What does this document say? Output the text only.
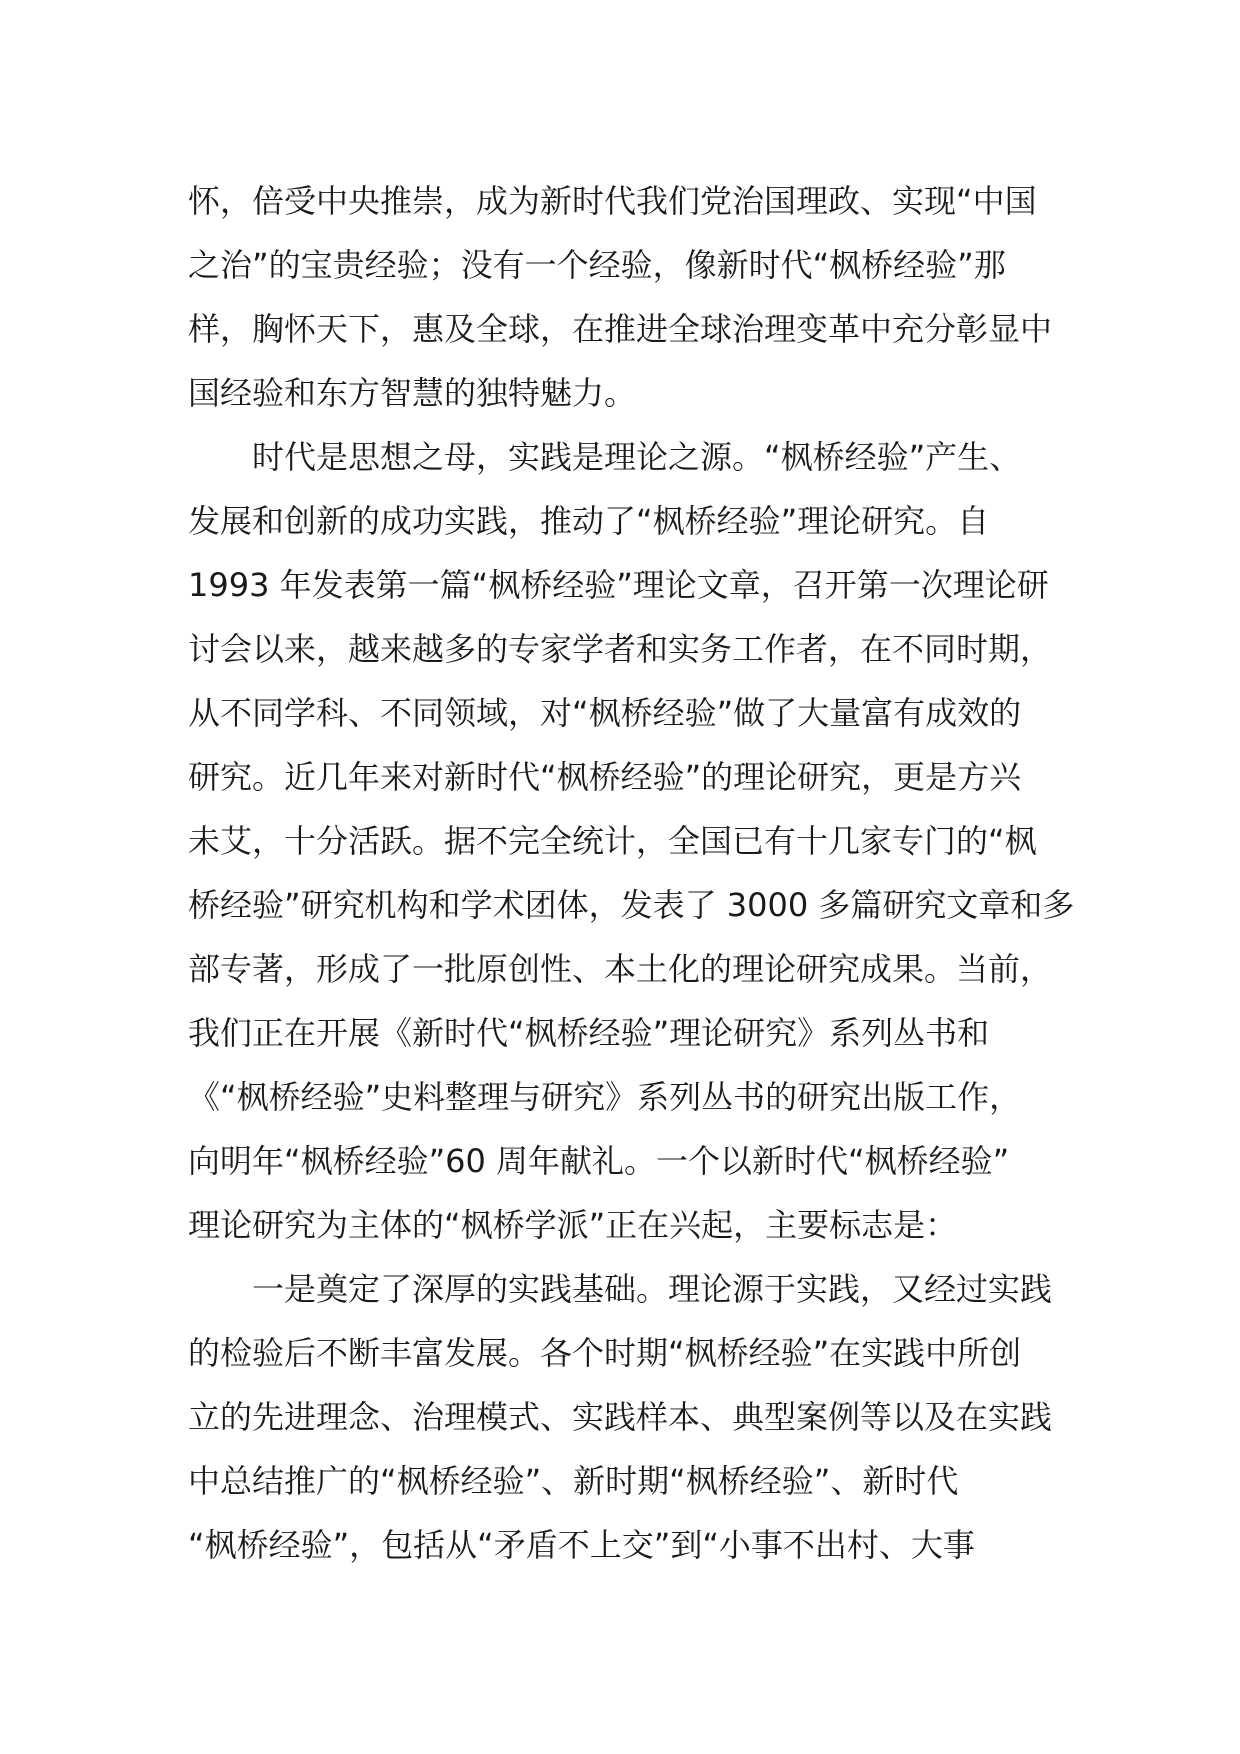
怀，倍受中央推崇，成为新时代我们党治国理政、实现“中国
之治”的宝贵经验；没有一个经验，像新时代“枫桥经验”那
样，胸怀天下，惠及全球，在推进全球治理变革中充分彰显中
国经验和东方智慧的独特魅力。
　　时代是思想之母，实践是理论之源。“枫桥经验”产生、
发展和创新的成功实践，推动了“枫桥经验”理论研究。自
1993 年发表第一篇“枫桥经验”理论文章，召开第一次理论研
讨会以来，越来越多的专家学者和实务工作者，在不同时期，
从不同学科、不同领域，对“枫桥经验”做了大量富有成效的
研究。近几年来对新时代“枫桥经验”的理论研究，更是方兴
未艾，十分活跃。据不完全统计，全国已有十几家专门的“枫
桥经验”研究机构和学术团体，发表了 3000 多篇研究文章和多
部专著，形成了一批原创性、本土化的理论研究成果。当前，
我们正在开展《新时代“枫桥经验”理论研究》系列丛书和
《“枫桥经验”史料整理与研究》系列丛书的研究出版工作，
向明年“枫桥经验”60 周年献礼。一个以新时代“枫桥经验”
理论研究为主体的“枫桥学派”正在兴起，主要标志是：
　　一是奠定了深厚的实践基础。理论源于实践，又经过实践
的检验后不断丰富发展。各个时期“枫桥经验”在实践中所创
立的先进理念、治理模式、实践样本、典型案例等以及在实践
中总结推广的“枫桥经验”、新时期“枫桥经验”、新时代
“枫桥经验”，包括从“矛盾不上交”到“小事不出村、大事
